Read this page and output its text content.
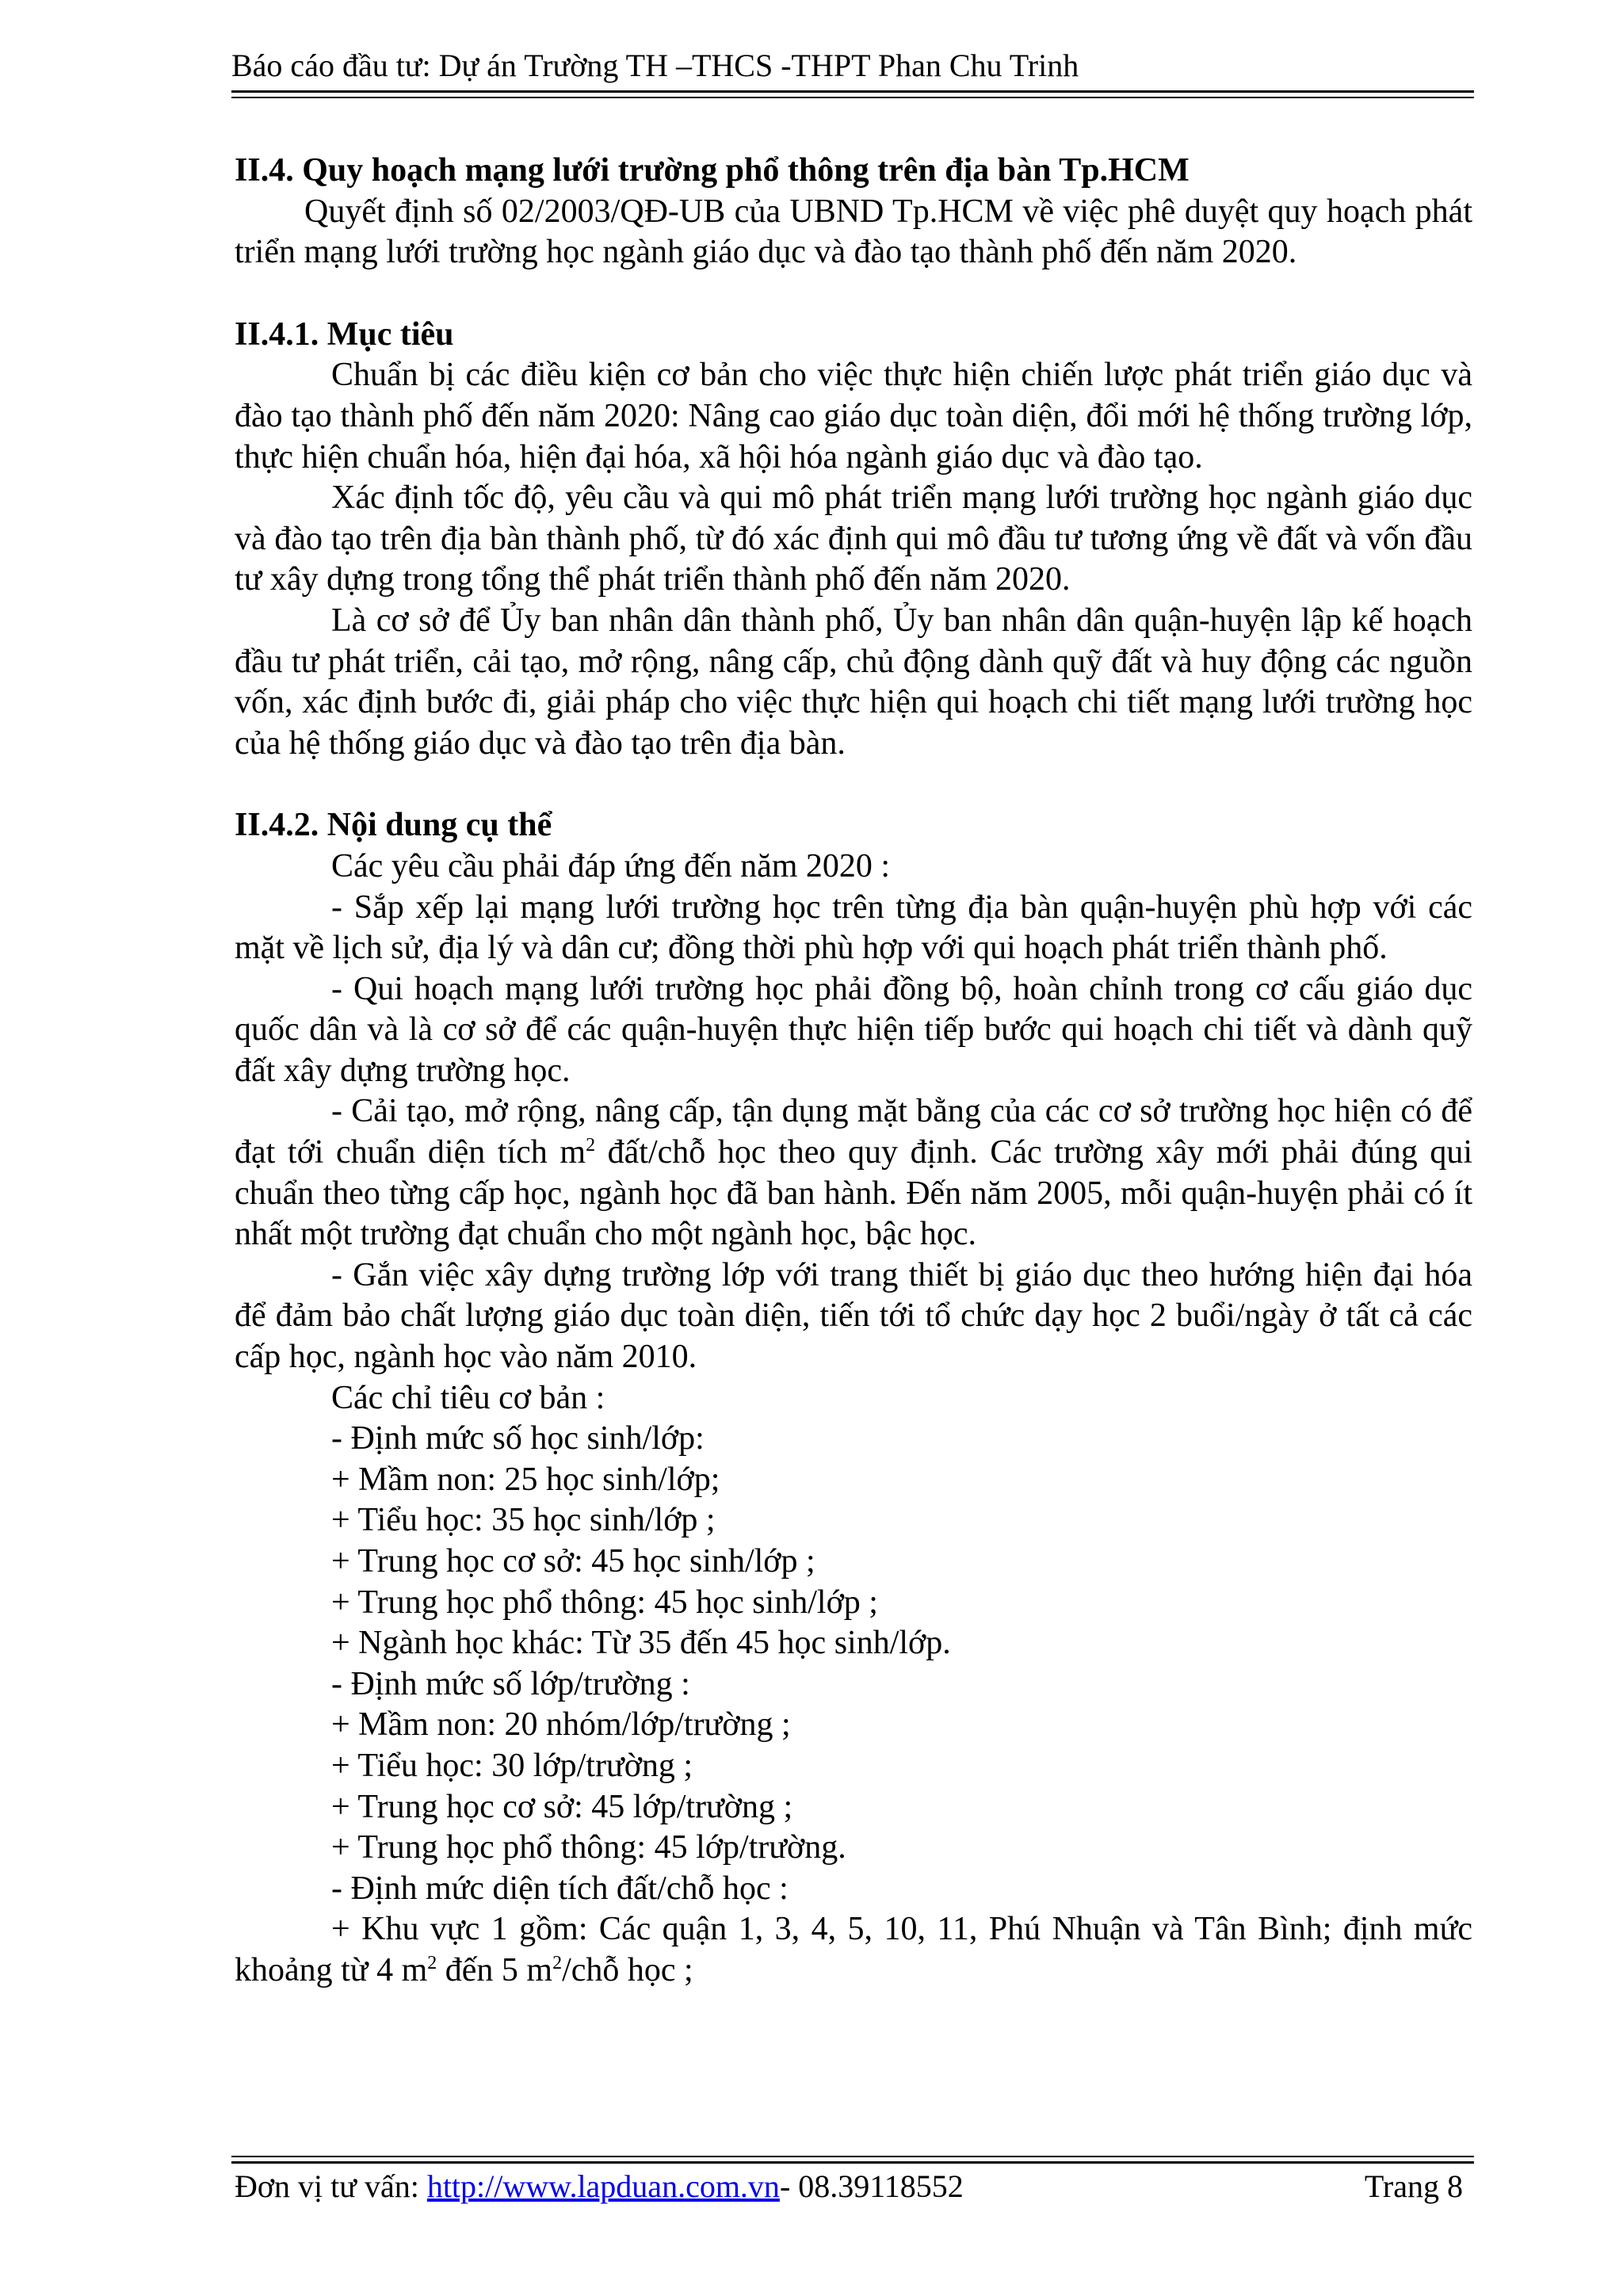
Báo cáo đầu tư: Dự án Trường TH –THCS -THPT Phan Chu Trinh

II.4. Quy hoạch mạng lưới trường phổ thông trên địa bàn Tp.HCM

Quyết định số 02/2003/QĐ-UB của UBND Tp.HCM về việc phê duyệt quy hoạch phát triển mạng lưới trường học ngành giáo dục và đào tạo thành phố đến năm 2020.

II.4.1. Mục tiêu

Chuẩn bị các điều kiện cơ bản cho việc thực hiện chiến lược phát triển giáo dục và đào tạo thành phố đến năm 2020: Nâng cao giáo dục toàn diện, đổi mới hệ thống trường lớp, thực hiện chuẩn hóa, hiện đại hóa, xã hội hóa ngành giáo dục và đào tạo.

Xác định tốc độ, yêu cầu và qui mô phát triển mạng lưới trường học ngành giáo dục và đào tạo trên địa bàn thành phố, từ đó xác định qui mô đầu tư tương ứng về đất và vốn đầu tư xây dựng trong tổng thể phát triển thành phố đến năm 2020.

Là cơ sở để Ủy ban nhân dân thành phố, Ủy ban nhân dân quận-huyện lập kế hoạch đầu tư phát triển, cải tạo, mở rộng, nâng cấp, chủ động dành quỹ đất và huy động các nguồn vốn, xác định bước đi, giải pháp cho việc thực hiện qui hoạch chi tiết mạng lưới trường học của hệ thống giáo dục và đào tạo trên địa bàn.

II.4.2. Nội dung cụ thể

Các yêu cầu phải đáp ứng đến năm 2020 :

- Sắp xếp lại mạng lưới trường học trên từng địa bàn quận-huyện phù hợp với các mặt về lịch sử, địa lý và dân cư; đồng thời phù hợp với qui hoạch phát triển thành phố.

- Qui hoạch mạng lưới trường học phải đồng bộ, hoàn chỉnh trong cơ cấu giáo dục quốc dân và là cơ sở để các quận-huyện thực hiện tiếp bước qui hoạch chi tiết và dành quỹ đất xây dựng trường học.

- Cải tạo, mở rộng, nâng cấp, tận dụng mặt bằng của các cơ sở trường học hiện có để đạt tới chuẩn diện tích $m^2$ đất/chỗ học theo quy định. Các trường xây mới phải đúng qui chuẩn theo từng cấp học, ngành học đã ban hành. Đến năm 2005, mỗi quận-huyện phải có ít nhất một trường đạt chuẩn cho một ngành học, bậc học.

- Gắn việc xây dựng trường lớp với trang thiết bị giáo dục theo hướng hiện đại hóa để đảm bảo chất lượng giáo dục toàn diện, tiến tới tổ chức dạy học 2 buổi/ngày ở tất cả các cấp học, ngành học vào năm 2010.

Các chỉ tiêu cơ bản :

- Định mức số học sinh/lớp:

+ Mầm non: 25 học sinh/lớp;

+ Tiểu học: 35 học sinh/lớp ;

+ Trung học cơ sở: 45 học sinh/lớp ;

+ Trung học phổ thông: 45 học sinh/lớp ;

+ Ngành học khác: Từ 35 đến 45 học sinh/lớp.

- Định mức số lớp/trường :

+ Mầm non: 20 nhóm/lớp/trường ;

+ Tiểu học: 30 lớp/trường ;

+ Trung học cơ sở: 45 lớp/trường ;

+ Trung học phổ thông: 45 lớp/trường.

- Định mức diện tích đất/chỗ học :

+ Khu vực 1 gồm: Các quận 1, 3, 4, 5, 10, 11, Phú Nhuận và Tân Bình; định mức khoảng từ 4 $m^2$ đến 5 $m^2$/chỗ học ;

Đơn vị tư vấn: http://www.lapduan.com.vn- 08.39118552	Trang 8
